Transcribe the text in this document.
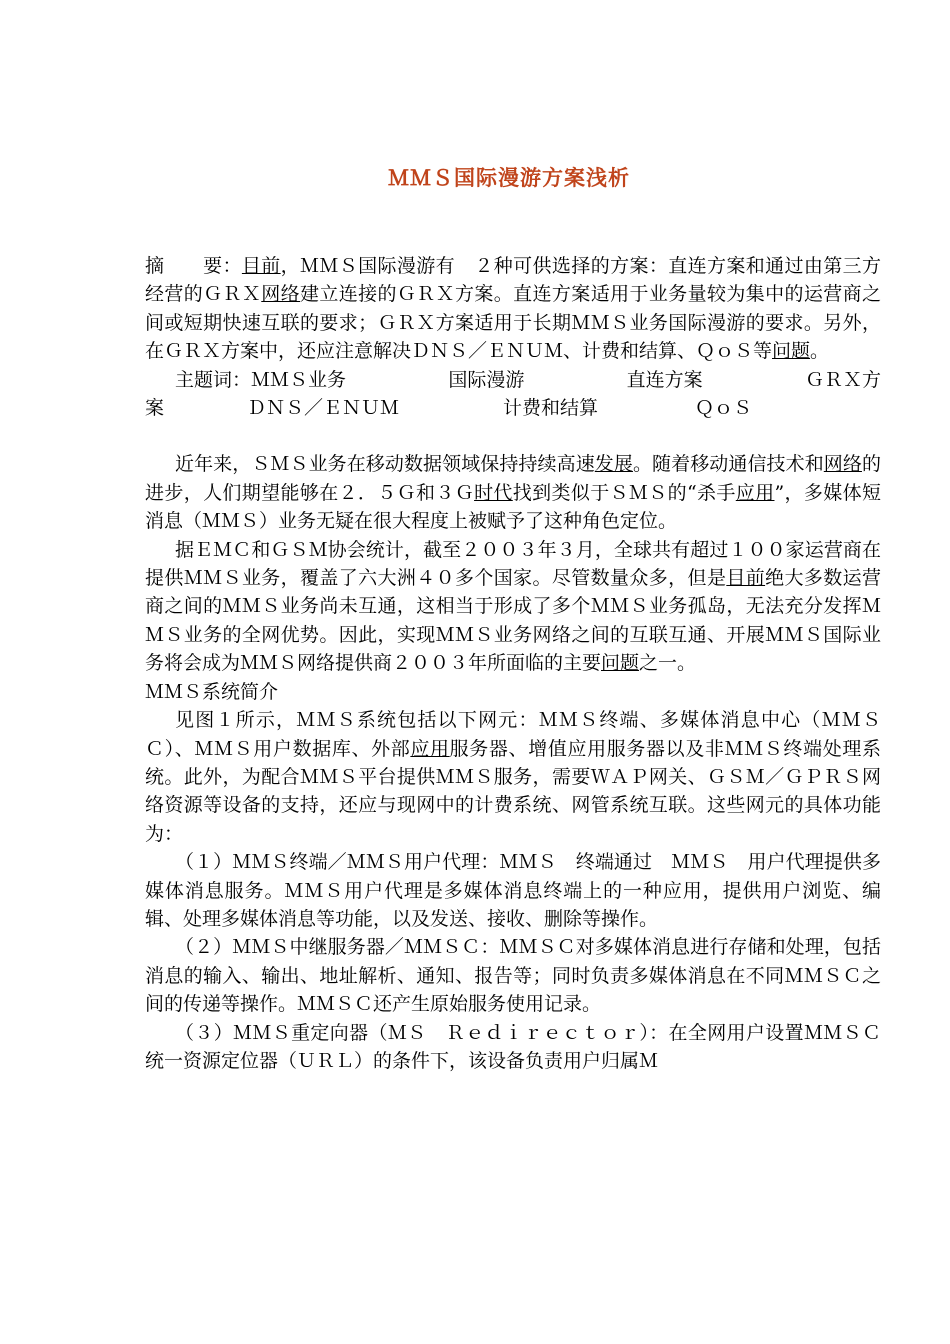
ＭＭＳ国际漫游方案浅析

摘　　要：目前，ＭＭＳ国际漫游有　２种可供选择的方案：直连方案和通过由第三方经营的ＧＲＸ网络建立连接的ＧＲＸ方案。直连方案适用于业务量较为集中的运营商之间或短期快速互联的要求；ＧＲＸ方案适用于长期ＭＭＳ业务国际漫游的要求。另外，在ＧＲＸ方案中，还应注意解决ＤＮＳ／ＥＮＵＭ、计费和结算、ＱｏＳ等问题。

主题词：ＭＭＳ业务	国际漫游	直连方案	ＧＲＸ方
案	ＤＮＳ／ＥＮＵＭ	计费和结算	ＱｏＳ

近年来，ＳＭＳ业务在移动数据领域保持持续高速发展。随着移动通信技术和网络的进步，人们期望能够在２．５Ｇ和３Ｇ时代找到类似于ＳＭＳ的“杀手应用”，多媒体短消息（ＭＭＳ）业务无疑在很大程度上被赋予了这种角色定位。

据ＥＭＣ和ＧＳＭ协会统计，截至２００３年３月，全球共有超过１００家运营商在提供ＭＭＳ业务，覆盖了六大洲４０多个国家。尽管数量众多，但是目前绝大多数运营商之间的ＭＭＳ业务尚未互通，这相当于形成了多个ＭＭＳ业务孤岛，无法充分发挥ＭＭＳ业务的全网优势。因此，实现ＭＭＳ业务网络之间的互联互通、开展ＭＭＳ国际业务将会成为ＭＭＳ网络提供商２００３年所面临的主要问题之一。

ＭＭＳ系统简介

见图１所示，ＭＭＳ系统包括以下网元：ＭＭＳ终端、多媒体消息中心（ＭＭＳＣ）、ＭＭＳ用户数据库、外部应用服务器、增值应用服务器以及非ＭＭＳ终端处理系统。此外，为配合ＭＭＳ平台提供ＭＭＳ服务，需要ＷＡＰ网关、ＧＳＭ／ＧＰＲＳ网络资源等设备的支持，还应与现网中的计费系统、网管系统互联。这些网元的具体功能为：

（１）ＭＭＳ终端／ＭＭＳ用户代理：ＭＭＳ　终端通过　ＭＭＳ　用户代理提供多媒体消息服务。ＭＭＳ用户代理是多媒体消息终端上的一种应用，提供用户浏览、编辑、处理多媒体消息等功能，以及发送、接收、删除等操作。

（２）ＭＭＳ中继服务器／ＭＭＳＣ：ＭＭＳＣ对多媒体消息进行存储和处理，包括消息的输入、输出、地址解析、通知、报告等；同时负责多媒体消息在不同ＭＭＳＣ之间的传递等操作。ＭＭＳＣ还产生原始服务使用记录。

（３）ＭＭＳ重定向器（ＭＳ　Ｒｅｄｉｒｅｃｔｏｒ）：在全网用户设置ＭＭＳＣ统一资源定位器（ＵＲＬ）的条件下，该设备负责用户归属Ｍ
